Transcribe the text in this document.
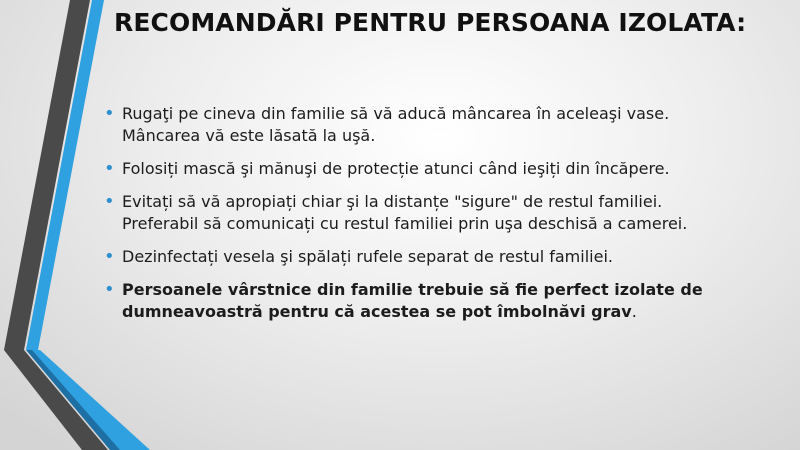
RECOMANDĂRI PENTRU PERSOANA IZOLATA:
• Rugaţi pe cineva din familie să vă aducă mâncarea în aceleaşi vase.
Mâncarea vă este lăsată la uşă.
• Folosiți mască şi mănuşi de protecție atunci când ieşiți din încăpere.
• Evitați să vă apropiați chiar şi la distanțe "sigure" de restul familiei.
Preferabil să comunicați cu restul familiei prin uşa deschisă a camerei.
• Dezinfectați vesela şi spălați rufele separat de restul familiei.
• Persoanele vârstnice din familie trebuie să fie perfect izolate de
dumneavoastră pentru că acestea se pot îmbolnăvi grav.
